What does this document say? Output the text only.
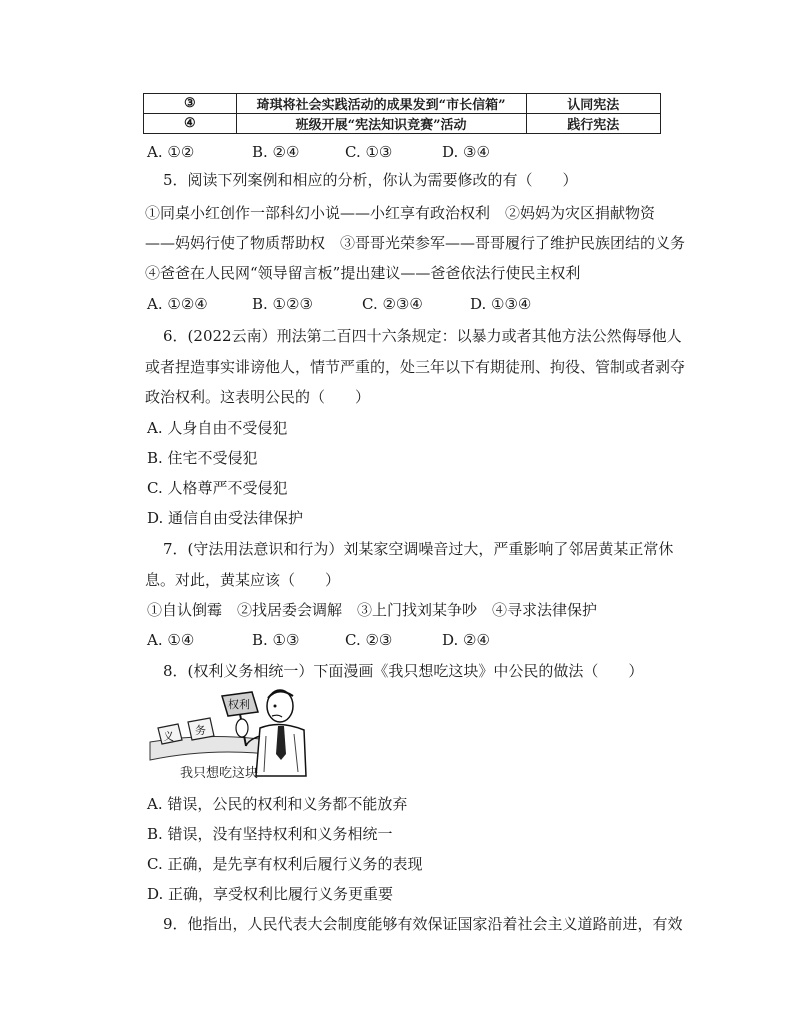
③	琦琪将社会实践活动的成果发到“市长信箱”	认同宪法
④	班级开展“宪法知识竞赛”活动	践行宪法
A. ①②	B. ②④	C. ①③	D. ③④
5．阅读下列案例和相应的分析，你认为需要修改的有（　　）
①同桌小红创作一部科幻小说——小红享有政治权利　②妈妈为灾区捐献物资
——妈妈行使了物质帮助权　③哥哥光荣参军——哥哥履行了维护民族团结的义务
④爸爸在人民网“领导留言板”提出建议——爸爸依法行使民主权利
A. ①②④	B. ①②③	C. ②③④	D. ①③④
6．(2022云南）刑法第二百四十六条规定：以暴力或者其他方法公然侮辱他人
或者捏造事实诽谤他人，情节严重的，处三年以下有期徒刑、拘役、管制或者剥夺
政治权利。这表明公民的（　　）
A. 人身自由不受侵犯
B. 住宅不受侵犯
C. 人格尊严不受侵犯
D. 通信自由受法律保护
7．(守法用法意识和行为）刘某家空调噪音过大，严重影响了邻居黄某正常休
息。对此，黄某应该（　　）
①自认倒霉　②找居委会调解　③上门找刘某争吵　④寻求法律保护
A. ①④	B. ①③	C. ②③	D. ②④
8．(权利义务相统一）下面漫画《我只想吃这块》中公民的做法（　　）
权利
义 务
我只想吃这块
A. 错误，公民的权利和义务都不能放弃
B. 错误，没有坚持权利和义务相统一
C. 正确，是先享有权利后履行义务的表现
D. 正确，享受权利比履行义务更重要
9．他指出，人民代表大会制度能够有效保证国家沿着社会主义道路前进，有效
